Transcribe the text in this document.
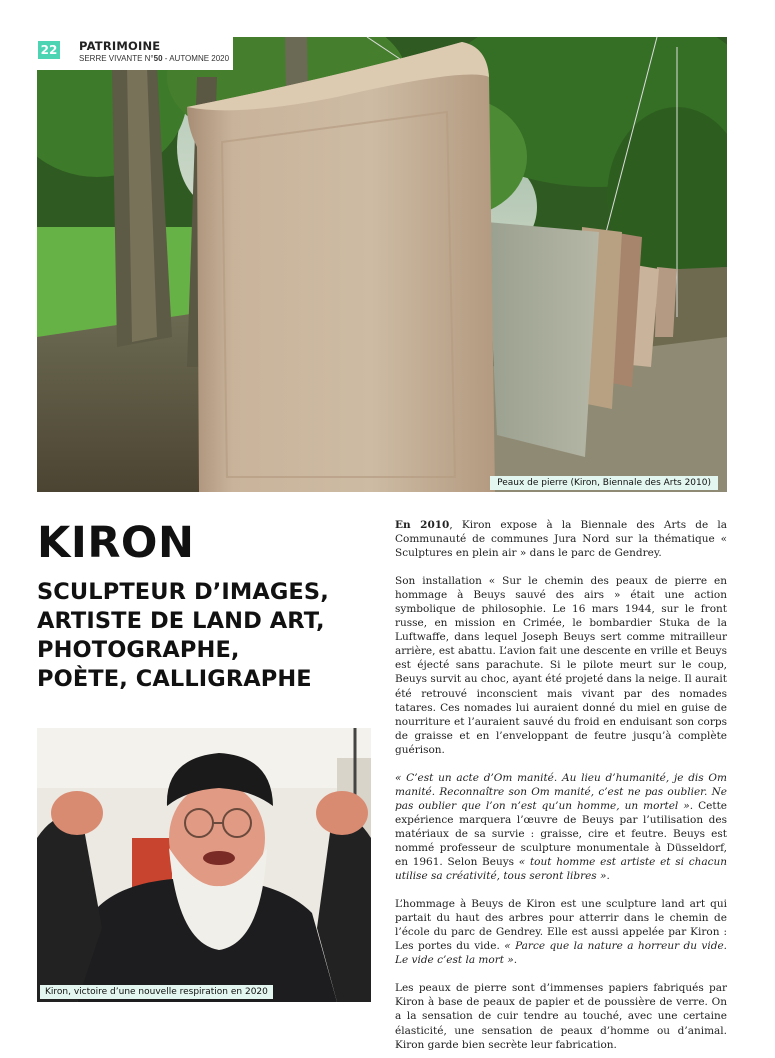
Peaux de pierre (Kiron, Biennale des Arts 2010)
22 PATRIMOINE
SERRE VIVANTE N°50 - AUTOMNE 2020
KIRON
SCULPTEUR D’IMAGES,
ARTISTE DE LAND ART,
PHOTOGRAPHE,
POÈTE, CALLIGRAPHE
Kiron, victoire d’une nouvelle respiration en 2020

En 2010, Kiron expose à la Biennale des Arts de la Communauté de communes Jura Nord sur la thématique « Sculptures en plein air » dans le parc de Gendrey.

Son installation « Sur le chemin des peaux de pierre en hommage à Beuys sauvé des airs » était une action symbolique de philosophie. Le 16 mars 1944, sur le front russe, en mission en Crimée, le bombardier Stuka de la Luftwaffe, dans lequel Joseph Beuys sert comme mitrailleur arrière, est abattu. L’avion fait une descente en vrille et Beuys est éjecté sans parachute. Si le pilote meurt sur le coup, Beuys survit au choc, ayant été projeté dans la neige. Il aurait été retrouvé inconscient mais vivant par des nomades tatares. Ces nomades lui auraient donné du miel en guise de nourriture et l’auraient sauvé du froid en enduisant son corps de graisse et en l’enveloppant de feutre jusqu’à complète guérison.

« C’est un acte d’Om manité. Au lieu d’humanité, je dis Om manité. Reconnaître son Om manité, c’est ne pas oublier. Ne pas oublier que l’on n’est qu’un homme, un mortel ». Cette expérience marquera l’œuvre de Beuys par l’utilisation des matériaux de sa survie : graisse, cire et feutre. Beuys est nommé professeur de sculpture monumentale à Düsseldorf, en 1961. Selon Beuys « tout homme est artiste et si chacun utilise sa créativité, tous seront libres ».

L’hommage à Beuys de Kiron est une sculpture land art qui partait du haut des arbres pour atterrir dans le chemin de l’école du parc de Gendrey. Elle est aussi appelée par Kiron : Les portes du vide. « Parce que la nature a horreur du vide. Le vide c’est la mort ».

Les peaux de pierre sont d’immenses papiers fabriqués par Kiron à base de peaux de papier et de poussière de verre. On a la sensation de cuir tendre au touché, avec une certaine élasticité, une sensation de peaux d’homme ou d’animal. Kiron garde bien secrète leur fabrication.
